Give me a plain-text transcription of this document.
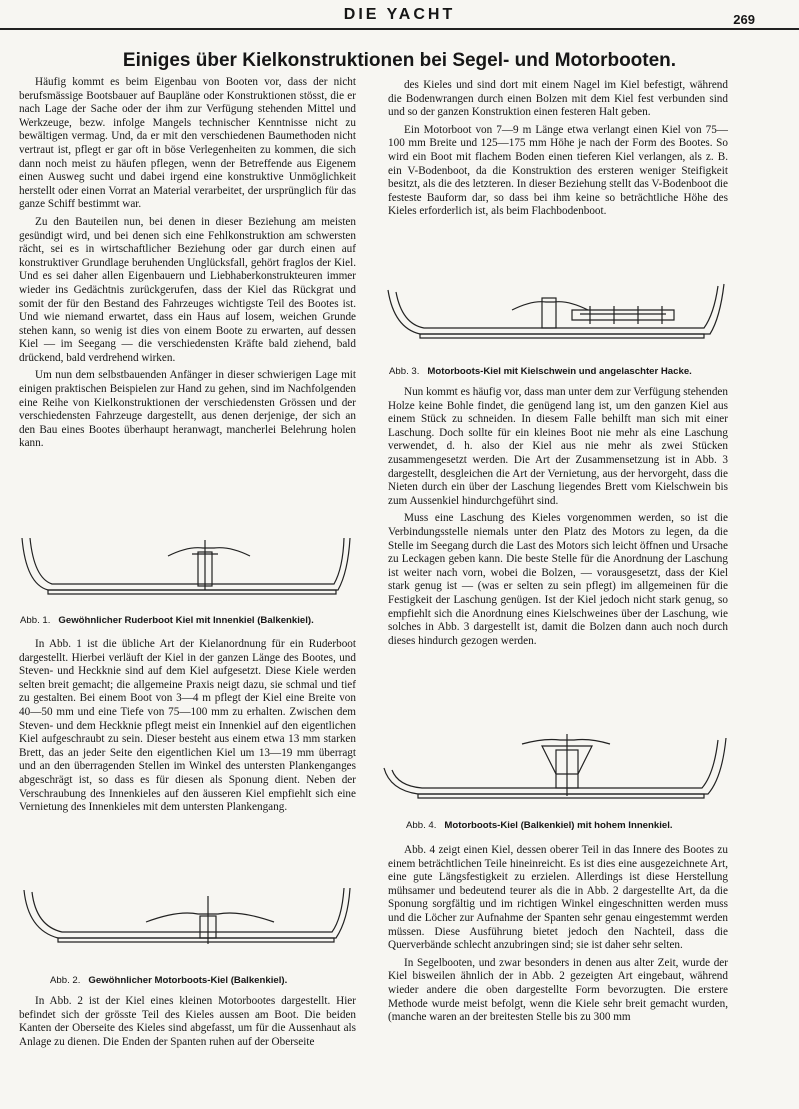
DIE YACHT	269
Einiges über Kielkonstruktionen bei Segel- und Motorbooten.

Häufig kommt es beim Eigenbau von Booten vor, dass der nicht berufsmässige Bootsbauer auf Baupläne oder Konstruktionen stösst, die er nach Lage der Sache oder der ihm zur Verfügung stehenden Mittel und Werkzeuge, bezw. infolge Mangels technischer Kenntnisse nicht zu bewältigen vermag. Und, da er mit den verschiedenen Baumethoden nicht vertraut ist, pflegt er gar oft in böse Verlegenheiten zu kommen, die sich dann noch meist zu häufen pflegen, wenn der Betreffende aus Eigenem einen Ausweg sucht und dabei irgend eine konstruktive Unmöglichkeit herstellt oder einen Vorrat an Material verarbeitet, der ursprünglich für das ganze Schiff bestimmt war.

Zu den Bauteilen nun, bei denen in dieser Beziehung am meisten gesündigt wird, und bei denen sich eine Fehlkonstruktion am schwersten rächt, sei es in wirtschaftlicher Beziehung oder gar durch einen auf konstruktiver Grundlage beruhenden Unglücksfall, gehört fraglos der Kiel. Und es sei daher allen Eigenbauern und Liebhaberkonstrukteuren immer wieder ins Gedächtnis zurückgerufen, dass der Kiel das Rückgrat und somit der für den Bestand des Fahrzeuges wichtigste Teil des Bootes ist. Und wie niemand erwartet, dass ein Haus auf losem, weichen Grunde stehen kann, so wenig ist dies von einem Boote zu erwarten, auf dessen Kiel — im Seegang — die verschiedensten Kräfte bald ziehend, bald drückend, bald verdrehend wirken.

Um nun dem selbstbauenden Anfänger in dieser schwierigen Lage mit einigen praktischen Beispielen zur Hand zu gehen, sind im Nachfolgenden eine Reihe von Kielkonstruktionen der verschiedensten Grössen und der verschiedensten Fahrzeuge dargestellt, aus denen derjenige, der sich an den Bau eines Bootes überhaupt heranwagt, mancherlei Belehrung holen kann.

Abb. 1. Gewöhnlicher Ruderboot Kiel mit Innenkiel (Balkenkiel).

In Abb. 1 ist die übliche Art der Kielanordnung für ein Ruderboot dargestellt. Hierbei verläuft der Kiel in der ganzen Länge des Bootes, und Steven- und Heckknie sind auf dem Kiel aufgesetzt. Diese Kiele werden selten breit gemacht; die allgemeine Praxis neigt dazu, sie schmal und tief zu gestalten. Bei einem Boot von 3—4 m pflegt der Kiel eine Breite von 40—50 mm und eine Tiefe von 75—100 mm zu erhalten. Zwischen dem Steven- und dem Heckknie pflegt meist ein Innenkiel auf den eigentlichen Kiel aufgeschraubt zu sein. Dieser besteht aus einem etwa 13 mm starken Brett, das an jeder Seite den eigentlichen Kiel um 13—19 mm überragt und an den überragenden Stellen im Winkel des untersten Plankenganges abgeschrägt ist, so dass es für diesen als Sponung dient. Neben der Verschraubung des Innenkieles auf den äusseren Kiel empfiehlt sich eine Vernietung des Innenkieles mit dem untersten Plankengang.

Abb. 2. Gewöhnlicher Motorboots-Kiel (Balkenkiel).

In Abb. 2 ist der Kiel eines kleinen Motorbootes dargestellt. Hier befindet sich der grösste Teil des Kieles aussen am Boot. Die beiden Kanten der Oberseite des Kieles sind abgefasst, um für die Aussenhaut als Anlage zu dienen. Die Enden der Spanten ruhen auf der Oberseite

des Kieles und sind dort mit einem Nagel im Kiel befestigt, während die Bodenwrangen durch einen Bolzen mit dem Kiel fest verbunden sind und so der ganzen Konstruktion einen festeren Halt geben.

Ein Motorboot von 7—9 m Länge etwa verlangt einen Kiel von 75—100 mm Breite und 125—175 mm Höhe je nach der Form des Bootes. So wird ein Boot mit flachem Boden einen tieferen Kiel verlangen, als z. B. ein V-Bodenboot, da die Konstruktion des ersteren weniger Steifigkeit besitzt, als die des letzteren. In dieser Beziehung stellt das V-Bodenboot die festeste Bauform dar, so dass bei ihm keine so beträchtliche Höhe des Kieles erforderlich ist, als beim Flachbodenboot.

Abb. 3. Motorboots-Kiel mit Kielschwein und angelaschter Hacke.

Nun kommt es häufig vor, dass man unter dem zur Verfügung stehenden Holze keine Bohle findet, die genügend lang ist, um den ganzen Kiel aus einem Stück zu schneiden. In diesem Falle behilft man sich mit einer Laschung. Doch sollte für ein kleines Boot nie mehr als eine Laschung verwendet, d. h. also der Kiel aus nie mehr als zwei Stücken zusammengesetzt werden. Die Art der Zusammensetzung ist in Abb. 3 dargestellt, desgleichen die Art der Vernietung, aus der hervorgeht, dass die Nieten durch ein über der Laschung liegendes Brett vom Kielschwein bis zum Aussenkiel hindurchgeführt sind.

Muss eine Laschung des Kieles vorgenommen werden, so ist die Verbindungsstelle niemals unter den Platz des Motors zu legen, da die Stelle im Seegang durch die Last des Motors sich leicht öffnen und Ursache zu Leckagen geben kann. Die beste Stelle für die Anordnung der Laschung ist weiter nach vorn, wobei die Bolzen, — vorausgesetzt, dass der Kiel stark genug ist — (was er selten zu sein pflegt) im allgemeinen für die Festigkeit der Laschung genügen. Ist der Kiel jedoch nicht stark genug, so empfiehlt sich die Anordnung eines Kielschweines über der Laschung, wie solches in Abb. 3 dargestellt ist, damit die Bolzen dann auch noch durch dieses hindurch gezogen werden.

Abb. 4. Motorboots-Kiel (Balkenkiel) mit hohem Innenkiel.

Abb. 4 zeigt einen Kiel, dessen oberer Teil in das Innere des Bootes zu einem beträchtlichen Teile hineinreicht. Es ist dies eine ausgezeichnete Art, eine gute Längsfestigkeit zu erzielen. Allerdings ist diese Herstellung mühsamer und bedeutend teurer als die in Abb. 2 dargestellte Art, da die Sponung sorgfältig und im richtigen Winkel eingeschnitten werden muss und die Löcher zur Aufnahme der Spanten sehr genau eingestemmt werden müssen. Diese Ausführung bietet jedoch den Nachteil, dass die Querverbände schlecht anzubringen sind; sie ist daher sehr selten.

In Segelbooten, und zwar besonders in denen aus alter Zeit, wurde der Kiel bisweilen ähnlich der in Abb. 2 gezeigten Art eingebaut, während wieder andere die oben dargestellte Form bevorzugten. Die erstere Methode wurde meist befolgt, wenn die Kiele sehr breit gemacht wurden, (manche waren an der breitesten Stelle bis zu 300 mm
